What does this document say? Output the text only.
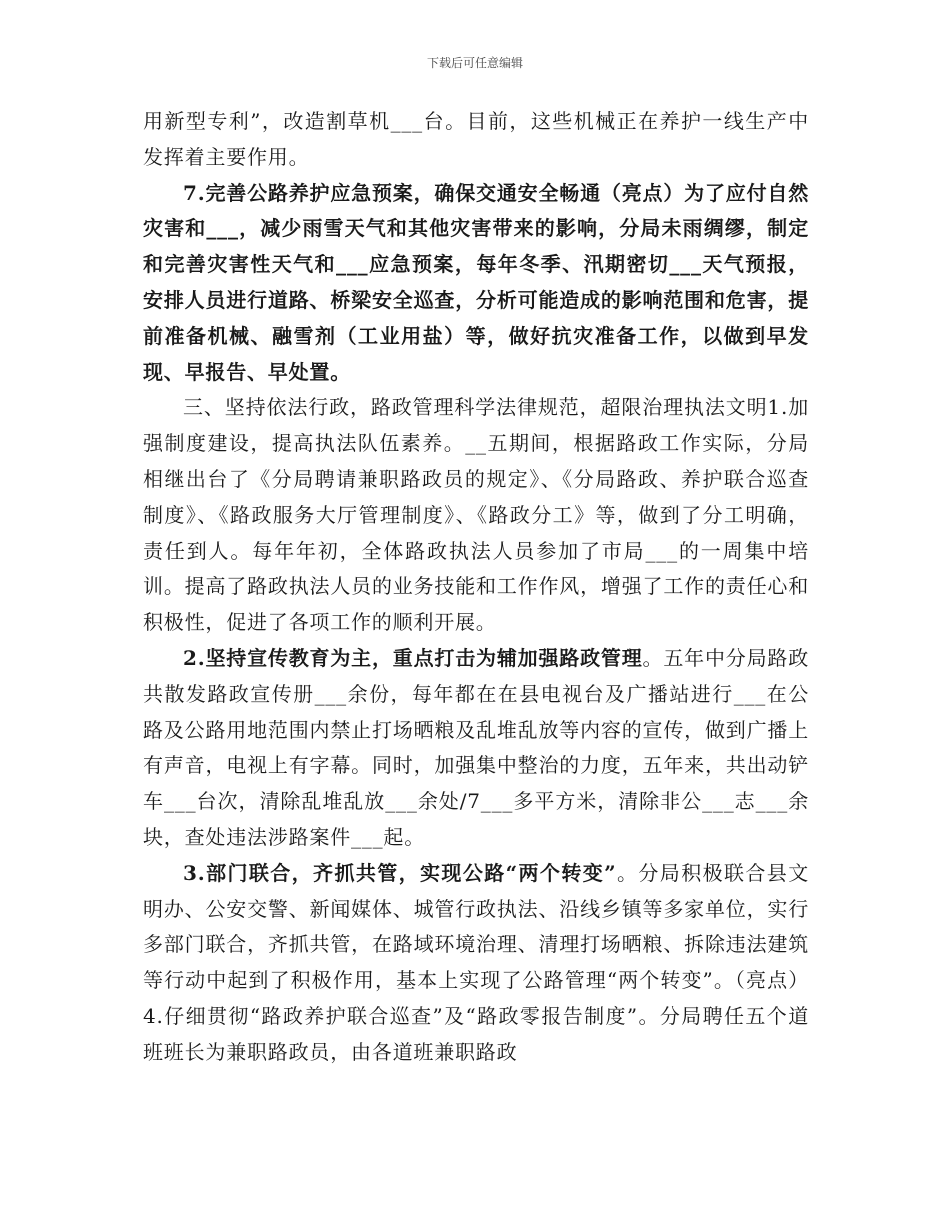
下载后可任意编辑

用新型专利”，改造割草机___台。目前，这些机械正在养护一线生产中发挥着主要作用。

7.完善公路养护应急预案，确保交通安全畅通（亮点）为了应付自然灾害和___，减少雨雪天气和其他灾害带来的影响，分局未雨绸缪，制定和完善灾害性天气和___应急预案，每年冬季、汛期密切___天气预报，安排人员进行道路、桥梁安全巡查，分析可能造成的影响范围和危害，提前准备机械、融雪剂（工业用盐）等，做好抗灾准备工作，以做到早发现、早报告、早处置。

三、坚持依法行政，路政管理科学法律规范，超限治理执法文明1.加强制度建设，提高执法队伍素养。__五期间，根据路政工作实际，分局相继出台了《分局聘请兼职路政员的规定》、《分局路政、养护联合巡查制度》、《路政服务大厅管理制度》、《路政分工》等，做到了分工明确，责任到人。每年年初，全体路政执法人员参加了市局___的一周集中培训。提高了路政执法人员的业务技能和工作作风，增强了工作的责任心和积极性，促进了各项工作的顺利开展。

2.坚持宣传教育为主，重点打击为辅加强路政管理。五年中分局路政共散发路政宣传册___余份，每年都在在县电视台及广播站进行___在公路及公路用地范围内禁止打场晒粮及乱堆乱放等内容的宣传，做到广播上有声音，电视上有字幕。同时，加强集中整治的力度，五年来，共出动铲车___台次，清除乱堆乱放___余处/7___多平方米，清除非公___志___余块，查处违法涉路案件___起。

3.部门联合，齐抓共管，实现公路“两个转变”。分局积极联合县文明办、公安交警、新闻媒体、城管行政执法、沿线乡镇等多家单位，实行多部门联合，齐抓共管，在路域环境治理、清理打场晒粮、拆除违法建筑等行动中起到了积极作用，基本上实现了公路管理“两个转变”。（亮点）4.仔细贯彻“路政养护联合巡查”及“路政零报告制度”。分局聘任五个道班班长为兼职路政员，由各道班兼职路政
